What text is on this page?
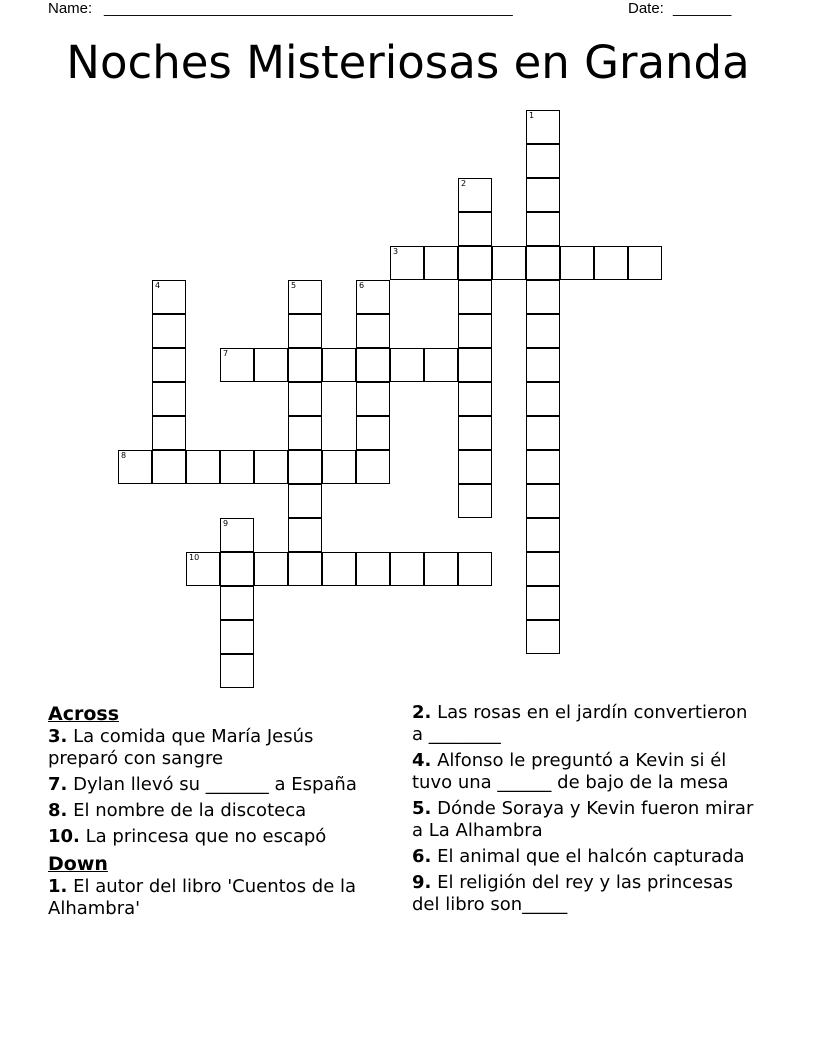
Name: _________________________________________________	Date: _______
Noches Misteriosas en Granda
1
2
3
4	5	6
7
8
9
10

Across

3. La comida que María Jesús preparó con sangre

7. Dylan llevó su _______ a España

8. El nombre de la discoteca

10. La princesa que no escapó

Down

1. El autor del libro 'Cuentos de la Alhambra'

2. Las rosas en el jardín convertieron a ________

4. Alfonso le preguntó a Kevin si él tuvo una ______ de bajo de la mesa

5. Dónde Soraya y Kevin fueron mirar a La Alhambra

6. El animal que el halcón capturada

9. El religión del rey y las princesas del libro son_____
